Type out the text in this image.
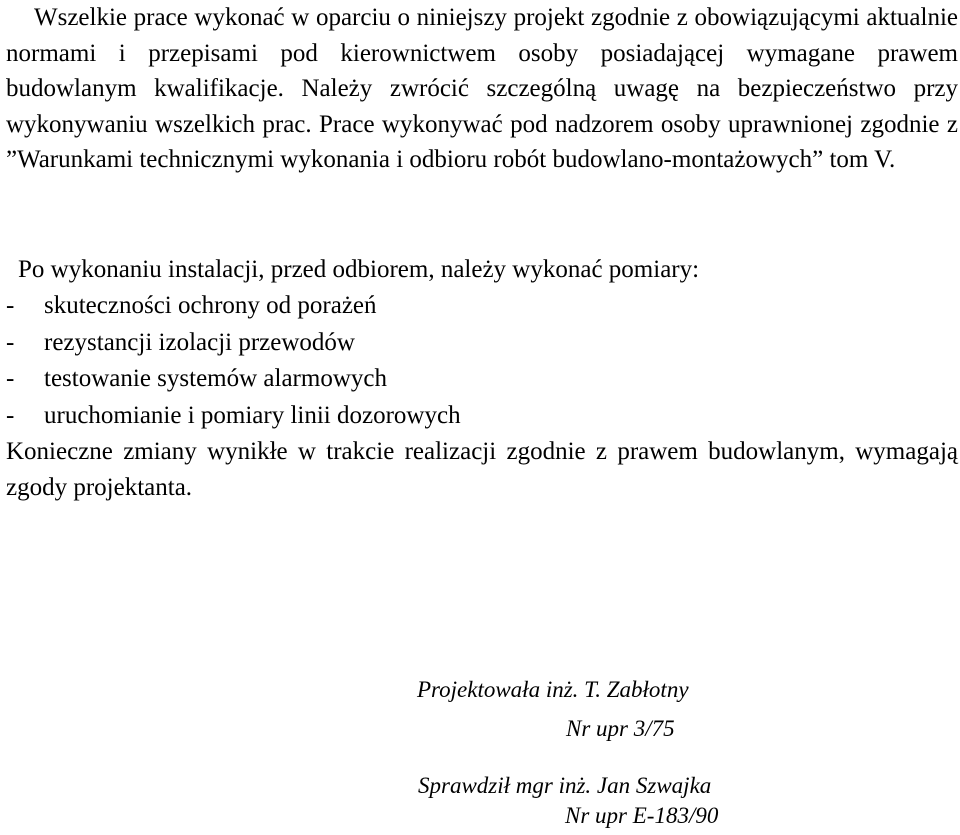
Wszelkie prace wykonać w oparciu o niniejszy projekt zgodnie z obowiązującymi aktualnie normami i przepisami pod kierownictwem osoby posiadającej wymagane prawem budowlanym kwalifikacje. Należy zwrócić szczególną uwagę na bezpieczeństwo przy wykonywaniu wszelkich prac. Prace wykonywać pod nadzorem osoby uprawnionej zgodnie z ”Warunkami technicznymi wykonania i odbioru robót budowlano-montażowych” tom V.

Po wykonaniu instalacji, przed odbiorem, należy wykonać pomiary:

-	skuteczności ochrony od porażeń
-	rezystancji izolacji przewodów
-	testowanie systemów alarmowych
-	uruchomianie i pomiary linii dozorowych

Konieczne zmiany wynikłe w trakcie realizacji zgodnie z prawem budowlanym, wymagają zgody projektanta.

Projektowała inż. T. Zabłotny

Nr upr 3/75

Sprawdził mgr inż. Jan Szwajka

Nr upr E-183/90
